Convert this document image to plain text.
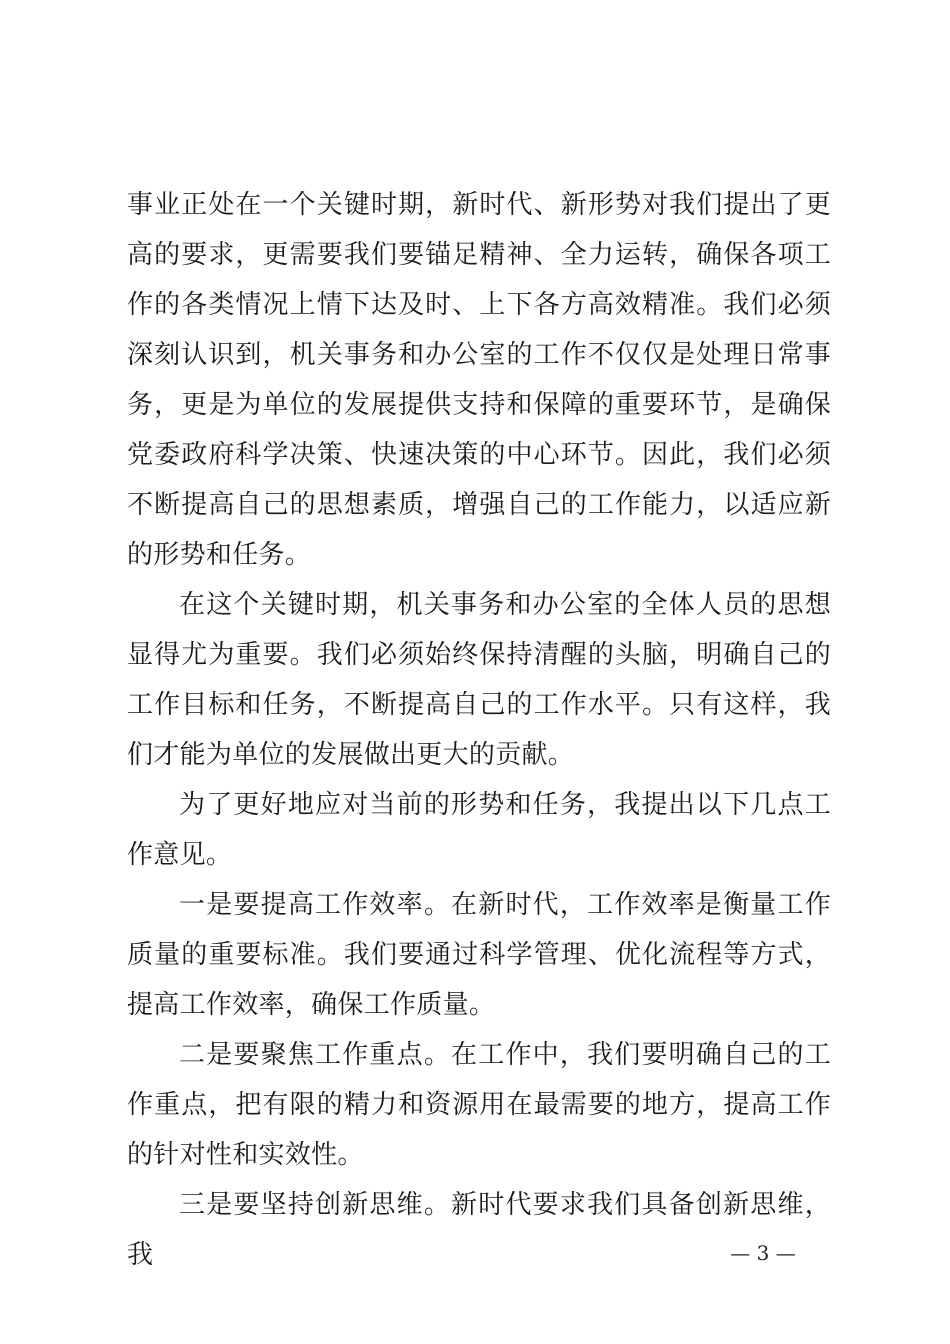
事业正处在一个关键时期，新时代、新形势对我们提出了更高的要求，更需要我们要锚足精神、全力运转，确保各项工作的各类情况上情下达及时、上下各方高效精准。我们必须深刻认识到，机关事务和办公室的工作不仅仅是处理日常事务，更是为单位的发展提供支持和保障的重要环节，是确保党委政府科学决策、快速决策的中心环节。因此，我们必须不断提高自己的思想素质，增强自己的工作能力，以适应新的形势和任务。

在这个关键时期，机关事务和办公室的全体人员的思想显得尤为重要。我们必须始终保持清醒的头脑，明确自己的工作目标和任务，不断提高自己的工作水平。只有这样，我们才能为单位的发展做出更大的贡献。

为了更好地应对当前的形势和任务，我提出以下几点工作意见。

一是要提高工作效率。在新时代，工作效率是衡量工作质量的重要标准。我们要通过科学管理、优化流程等方式，提高工作效率，确保工作质量。

二是要聚焦工作重点。在工作中，我们要明确自己的工作重点，把有限的精力和资源用在最需要的地方，提高工作的针对性和实效性。

三是要坚持创新思维。新时代要求我们具备创新思维，我	— 3 —
